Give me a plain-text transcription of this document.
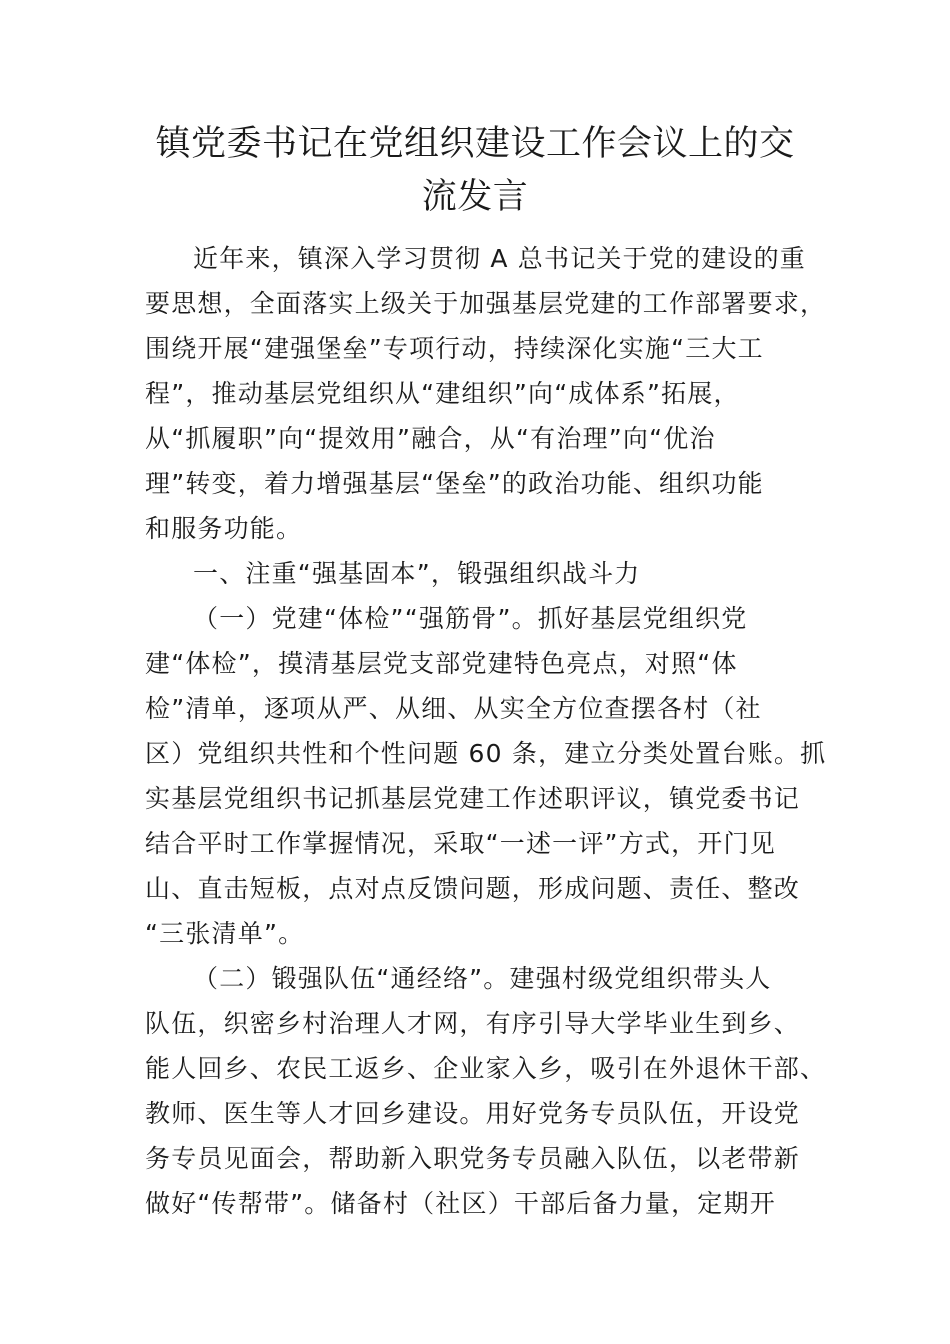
镇党委书记在党组织建设工作会议上的交
流发言
近年来，镇深入学习贯彻 A 总书记关于党的建设的重
要思想，全面落实上级关于加强基层党建的工作部署要求，
围绕开展“建强堡垒”专项行动，持续深化实施“三大工
程”，推动基层党组织从“建组织”向“成体系”拓展，
从“抓履职”向“提效用”融合，从“有治理”向“优治
理”转变，着力增强基层“堡垒”的政治功能、组织功能
和服务功能。
一、注重“强基固本”，锻强组织战斗力
（一）党建“体检”“强筋骨”。抓好基层党组织党
建“体检”，摸清基层党支部党建特色亮点，对照“体
检”清单，逐项从严、从细、从实全方位查摆各村（社
区）党组织共性和个性问题 60 条，建立分类处置台账。抓
实基层党组织书记抓基层党建工作述职评议，镇党委书记
结合平时工作掌握情况，采取“一述一评”方式，开门见
山、直击短板，点对点反馈问题，形成问题、责任、整改
“三张清单”。
（二）锻强队伍“通经络”。建强村级党组织带头人
队伍，织密乡村治理人才网，有序引导大学毕业生到乡、
能人回乡、农民工返乡、企业家入乡，吸引在外退休干部、
教师、医生等人才回乡建设。用好党务专员队伍，开设党
务专员见面会，帮助新入职党务专员融入队伍，以老带新
做好“传帮带”。储备村（社区）干部后备力量，定期开
